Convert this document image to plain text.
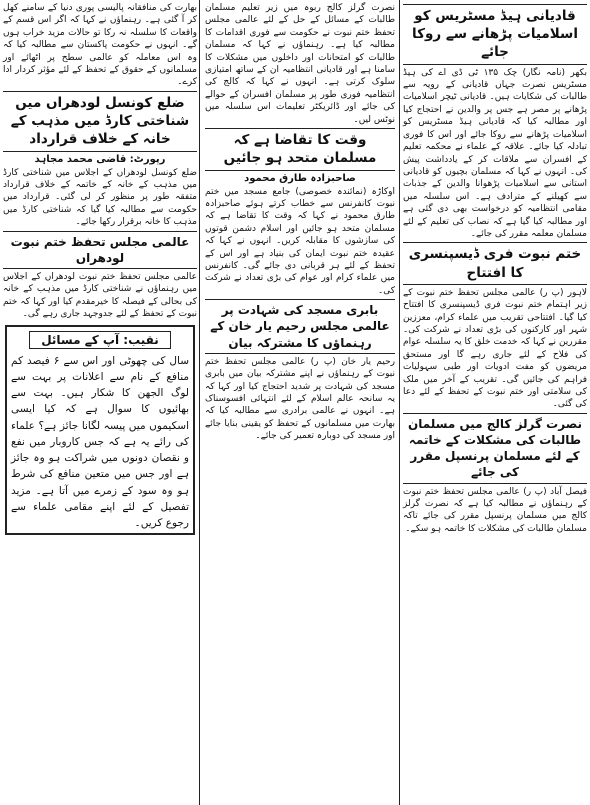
قادیانی ہیڈ مسٹریس کو اسلامیات پڑھانے سے روکا جائے

بکھر (نامہ نگار) چک ۱۳۵ ٹی ڈی اے کی ہیڈ مسٹریس نصرت جہاں قادیانی کے رویہ سے طالبات کی شکایات ہیں۔ قادیانی ٹیچر اسلامیات پڑھانے پر مصر ہے جس پر والدین نے احتجاج کیا اور مطالبہ کیا کہ قادیانی ہیڈ مسٹریس کو اسلامیات پڑھانے سے روکا جائے اور اس کا فوری تبادلہ کیا جائے۔ علاقہ کے علماء نے محکمہ تعلیم کے افسران سے ملاقات کر کے یادداشت پیش کی۔ انہوں نے کہا کہ مسلمان بچیوں کو قادیانی استانی سے اسلامیات پڑھوانا والدین کے جذبات سے کھیلنے کے مترادف ہے۔ اس سلسلہ میں مقامی انتظامیہ کو درخواست بھی دی گئی ہے اور مطالبہ کیا گیا ہے کہ نصاب کی تعلیم کے لئے مسلمان معلمہ مقرر کی جائے۔

ختم نبوت فری ڈیسپنسری کا افتتاح

لاہور (پ ر) عالمی مجلس تحفظ ختم نبوت کے زیر اہتمام ختم نبوت فری ڈیسپنسری کا افتتاح کیا گیا۔ افتتاحی تقریب میں علماء کرام، معززین شہر اور کارکنوں کی بڑی تعداد نے شرکت کی۔ مقررین نے کہا کہ خدمت خلق کا یہ سلسلہ عوام کی فلاح کے لئے جاری رہے گا اور مستحق مریضوں کو مفت ادویات اور طبی سہولیات فراہم کی جائیں گی۔ تقریب کے آخر میں ملک کی سلامتی اور ختم نبوت کے تحفظ کے لئے دعا کی گئی۔

نصرت گرلز کالج میں مسلمان طالبات کی مشکلات کے خاتمہ کے لئے مسلمان پرنسپل مقرر کی جائے

فیصل آباد (پ ر) عالمی مجلس تحفظ ختم نبوت کے رہنماؤں نے مطالبہ کیا ہے کہ نصرت گرلز کالج میں مسلمان پرنسپل مقرر کی جائے تاکہ مسلمان طالبات کی مشکلات کا خاتمہ ہو سکے۔

نصرت گرلز کالج ربوہ میں زیر تعلیم مسلمان طالبات کے مسائل کے حل کے لئے عالمی مجلس تحفظ ختم نبوت نے حکومت سے فوری اقدامات کا مطالبہ کیا ہے۔ رہنماؤں نے کہا کہ مسلمان طالبات کو امتحانات اور داخلوں میں مشکلات کا سامنا ہے اور قادیانی انتظامیہ ان کے ساتھ امتیازی سلوک کرتی ہے۔ انہوں نے کہا کہ کالج کی انتظامیہ فوری طور پر مسلمان افسران کے حوالے کی جائے اور ڈائریکٹر تعلیمات اس سلسلہ میں نوٹس لیں۔

وقت کا تقاضا ہے کہ مسلمان متحد ہو جائیں
صاحبزادہ طارق محمود

اوکاڑہ (نمائندہ خصوصی) جامع مسجد میں ختم نبوت کانفرنس سے خطاب کرتے ہوئے صاحبزادہ طارق محمود نے کہا کہ وقت کا تقاضا ہے کہ مسلمان متحد ہو جائیں اور اسلام دشمن قوتوں کی سازشوں کا مقابلہ کریں۔ انہوں نے کہا کہ عقیدہ ختم نبوت ایمان کی بنیاد ہے اور اس کے تحفظ کے لئے ہر قربانی دی جائے گی۔ کانفرنس میں علماء کرام اور عوام کی بڑی تعداد نے شرکت کی۔

بابری مسجد کی شہادت پر عالمی مجلس رحیم یار خان کے رہنماؤں کا مشترکہ بیان

رحیم یار خان (پ ر) عالمی مجلس تحفظ ختم نبوت کے رہنماؤں نے اپنے مشترکہ بیان میں بابری مسجد کی شہادت پر شدید احتجاج کیا اور کہا کہ یہ سانحہ عالم اسلام کے لئے انتہائی افسوسناک ہے۔ انہوں نے عالمی برادری سے مطالبہ کیا کہ بھارت میں مسلمانوں کے تحفظ کو یقینی بنایا جائے اور مسجد کی دوبارہ تعمیر کی جائے۔

بھارت کی منافقانہ پالیسی پوری دنیا کے سامنے کھل کر آ گئی ہے۔ رہنماؤں نے کہا کہ اگر اس قسم کے واقعات کا سلسلہ نہ رکا تو حالات مزید خراب ہوں گے۔ انہوں نے حکومت پاکستان سے مطالبہ کیا کہ وہ اس معاملہ کو عالمی سطح پر اٹھائے اور مسلمانوں کے حقوق کے تحفظ کے لئے مؤثر کردار ادا کرے۔

ضلع کونسل لودھراں میں شناختی کارڈ میں مذہب کے خانہ کے خلاف قرارداد
رپورٹ: قاضی محمد مجاہد

ضلع کونسل لودھراں کے اجلاس میں شناختی کارڈ میں مذہب کے خانہ کے خاتمہ کے خلاف قرارداد متفقہ طور پر منظور کر لی گئی۔ قرارداد میں حکومت سے مطالبہ کیا گیا کہ شناختی کارڈ میں مذہب کا خانہ برقرار رکھا جائے۔

عالمی مجلس تحفظ ختم نبوت لودھراں

عالمی مجلس تحفظ ختم نبوت لودھراں کے اجلاس میں رہنماؤں نے شناختی کارڈ میں مذہب کے خانہ کی بحالی کے فیصلہ کا خیرمقدم کیا اور کہا کہ ختم نبوت کے تحفظ کے لئے جدوجہد جاری رہے گی۔

نقیب: آپ کے مسائل

سال کی چھوٹی اور اس سے ۶ فیصد کم منافع کے نام سے اعلانات پر بہت سے لوگ الجھن کا شکار ہیں۔ بہت سے بھائیوں کا سوال ہے کہ کیا ایسی اسکیموں میں پیسہ لگانا جائز ہے؟ علماء کی رائے یہ ہے کہ جس کاروبار میں نفع و نقصان دونوں میں شراکت ہو وہ جائز ہے اور جس میں متعین منافع کی شرط ہو وہ سود کے زمرے میں آتا ہے۔ مزید تفصیل کے لئے اپنے مقامی علماء سے رجوع کریں۔
